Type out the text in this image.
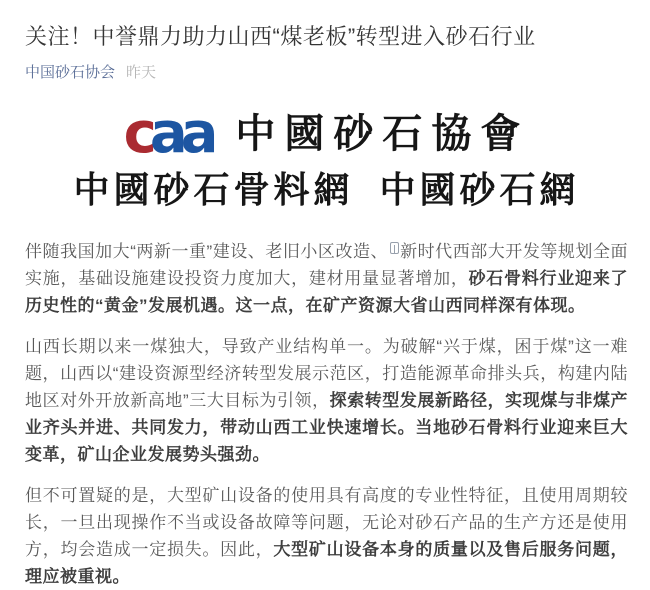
关注！中誉鼎力助力山西“煤老板”转型进入砂石行业
中国砂石协会 昨天
caa 中國砂石協會
中國砂石骨料網 中國砂石網

伴随我国加大“两新一重”建设、老旧小区改造、 新时代西部大开发等规划全面实施，基础设施建设投资力度加大，建材用量显著增加，砂石骨料行业迎来了历史性的“黄金”发展机遇。这一点，在矿产资源大省山西同样深有体现。

山西长期以来一煤独大，导致产业结构单一。为破解“兴于煤，困于煤”这一难题，山西以“建设资源型经济转型发展示范区，打造能源革命排头兵，构建内陆地区对外开放新高地”三大目标为引领，探索转型发展新路径，实现煤与非煤产业齐头并进、共同发力，带动山西工业快速增长。当地砂石骨料行业迎来巨大变革，矿山企业发展势头强劲。

但不可置疑的是，大型矿山设备的使用具有高度的专业性特征，且使用周期较长，一旦出现操作不当或设备故障等问题，无论对砂石产品的生产方还是使用方，均会造成一定损失。因此，大型矿山设备本身的质量以及售后服务问题，理应被重视。
